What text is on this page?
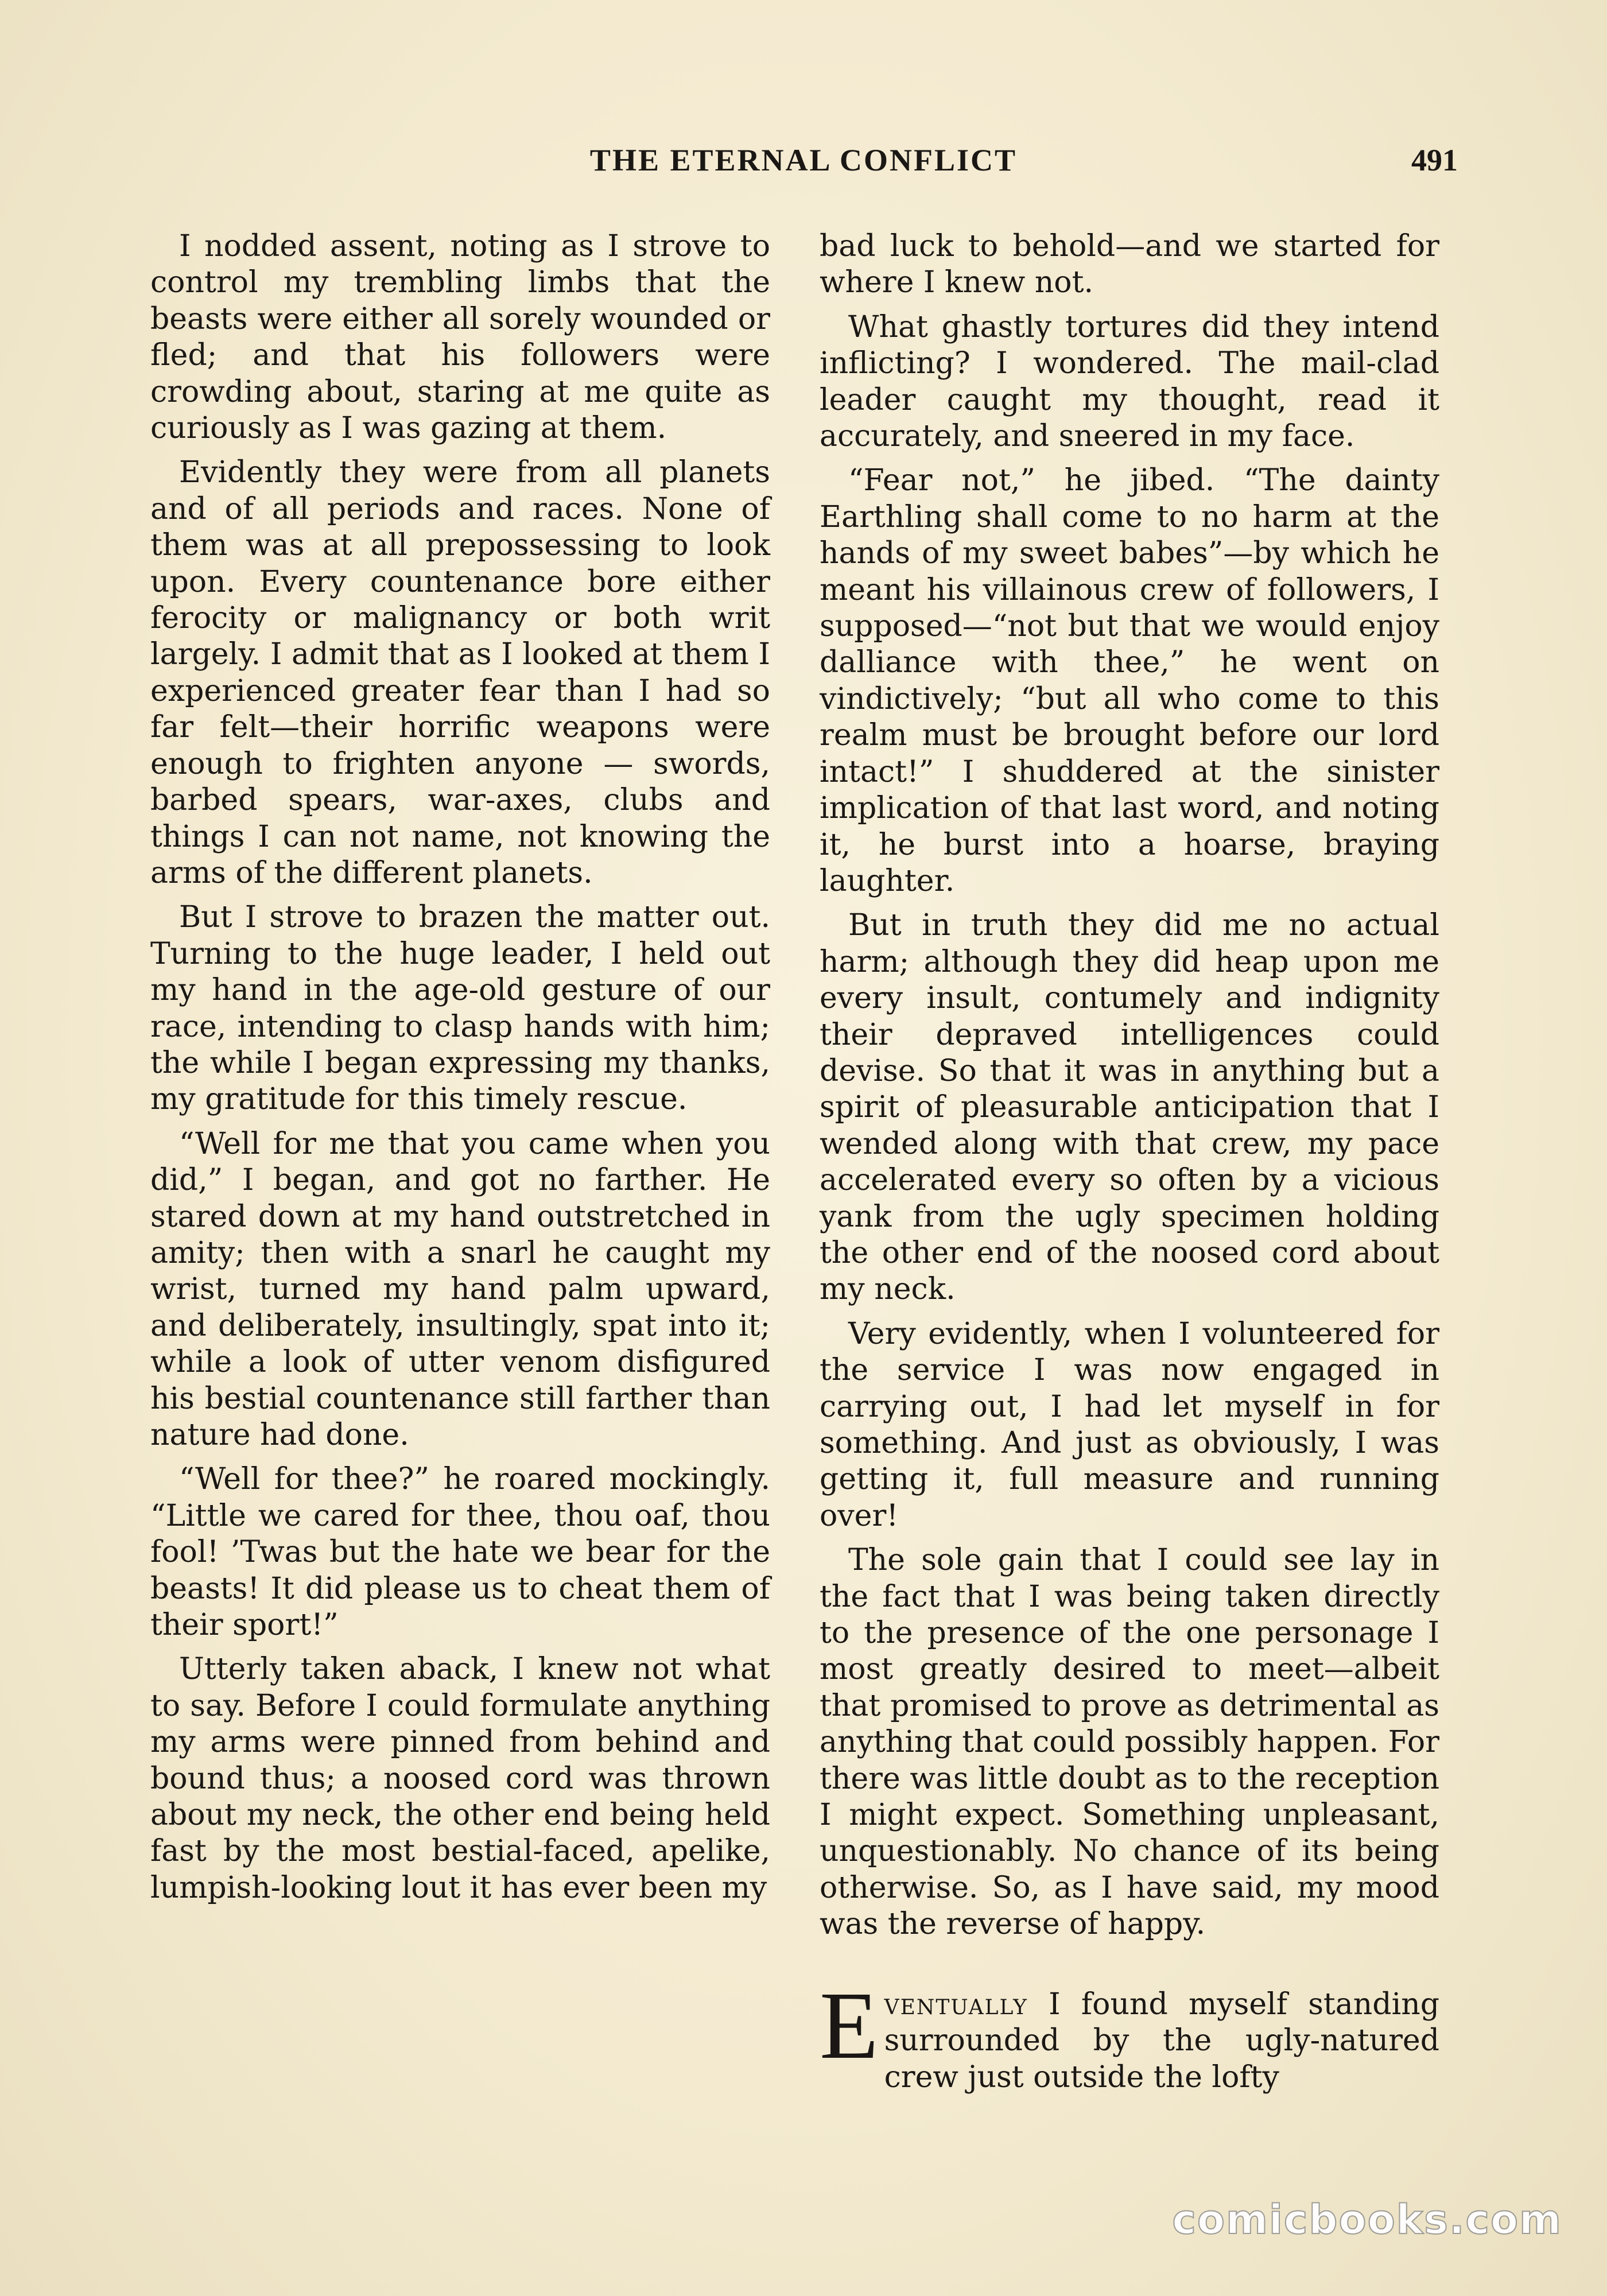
THE ETERNAL CONFLICT	491

I nodded assent, noting as I strove to control my trembling limbs that the beasts were either all sorely wounded or fled; and that his followers were crowding about, staring at me quite as curiously as I was gazing at them.

Evidently they were from all planets and of all periods and races. None of them was at all prepossessing to look upon. Every countenance bore either ferocity or malignancy or both writ largely. I admit that as I looked at them I experienced greater fear than I had so far felt—their horrific weapons were enough to frighten anyone — swords, barbed spears, war-axes, clubs and things I can not name, not knowing the arms of the different planets.

But I strove to brazen the matter out. Turning to the huge leader, I held out my hand in the age-old gesture of our race, intending to clasp hands with him; the while I began expressing my thanks, my gratitude for this timely rescue.

“Well for me that you came when you did,” I began, and got no farther. He stared down at my hand outstretched in amity; then with a snarl he caught my wrist, turned my hand palm upward, and deliberately, insultingly, spat into it; while a look of utter venom disfigured his bestial countenance still farther than nature had done.

“Well for thee?” he roared mockingly. “Little we cared for thee, thou oaf, thou fool! ’Twas but the hate we bear for the beasts! It did please us to cheat them of their sport!”

Utterly taken aback, I knew not what to say. Before I could formulate anything my arms were pinned from behind and bound thus; a noosed cord was thrown about my neck, the other end being held fast by the most bestial-faced, apelike, lumpish-looking lout it has ever been my

bad luck to behold—and we started for where I knew not.

What ghastly tortures did they intend inflicting? I wondered. The mail-clad leader caught my thought, read it accurately, and sneered in my face.

“Fear not,” he jibed. “The dainty Earthling shall come to no harm at the hands of my sweet babes”—by which he meant his villainous crew of followers, I supposed—“not but that we would enjoy dalliance with thee,” he went on vindictively; “but all who come to this realm must be brought before our lord intact!” I shuddered at the sinister implication of that last word, and noting it, he burst into a hoarse, braying laughter.

But in truth they did me no actual harm; although they did heap upon me every insult, contumely and indignity their depraved intelligences could devise. So that it was in anything but a spirit of pleasurable anticipation that I wended along with that crew, my pace accelerated every so often by a vicious yank from the ugly specimen holding the other end of the noosed cord about my neck.

Very evidently, when I volunteered for the service I was now engaged in carrying out, I had let myself in for something. And just as obviously, I was getting it, full measure and running over!

The sole gain that I could see lay in the fact that I was being taken directly to the presence of the one personage I most greatly desired to meet—albeit that promised to prove as detrimental as anything that could possibly happen. For there was little doubt as to the reception I might expect. Something unpleasant, unquestionably. No chance of its being otherwise. So, as I have said, my mood was the reverse of happy.

Eventually I found myself standing surrounded by the ugly-natured crew just outside the lofty

comicbooks.com
